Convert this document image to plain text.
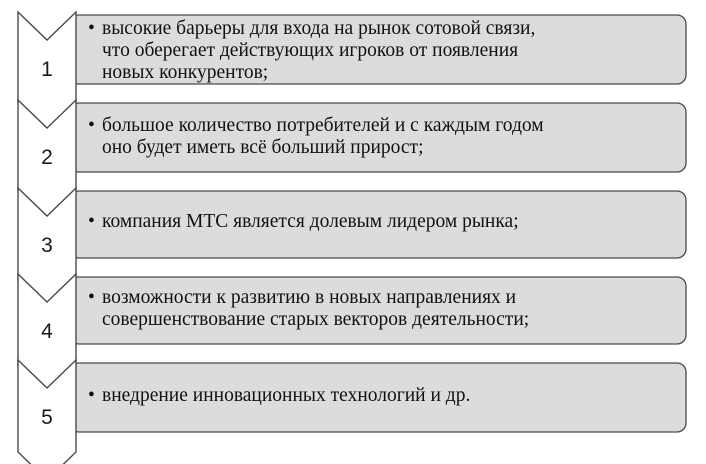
1
• высокие барьеры для входа на рынок сотовой связи,
что оберегает действующих игроков от появления
новых конкурентов;
2
• большое количество потребителей и с каждым годом
оно будет иметь всё больший прирост;
3
• компания МТС является долевым лидером рынка;
4
• возможности к развитию в новых направлениях и
совершенствование старых векторов деятельности;
5
• внедрение инновационных технологий и др.
